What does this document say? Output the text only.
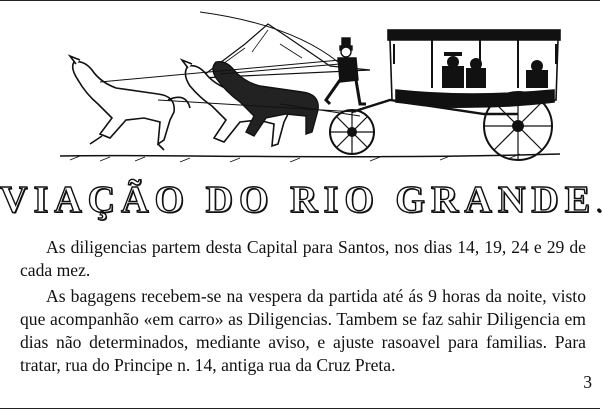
VIAÇÃO DO RIO GRANDE.

As diligencias partem desta Capital para Santos, nos dias 14, 19, 24 e 29 de cada mez.

As bagagens recebem-se na vespera da partida até ás 9 horas da noite, visto que acompanhão «em carro» as Diligencias. Tambem se faz sahir Diligencia em dias não determinados, mediante aviso, e ajuste rasoavel para familias. Para tratar, rua do Principe n. 14, antiga rua da Cruz Preta.

3
